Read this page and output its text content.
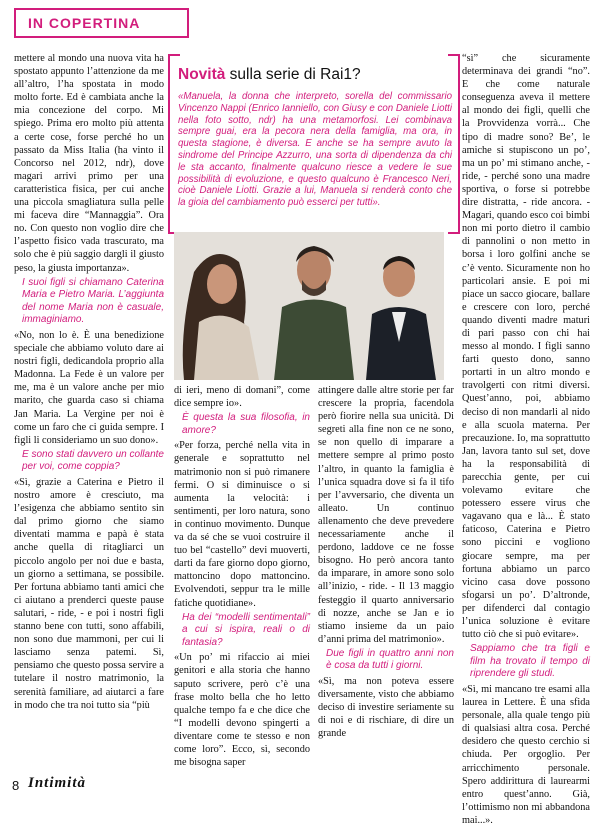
IN COPERTINA

mettere al mondo una nuova vita ha spostato appunto l’attenzione da me all’altro, l’ha spostata in modo molto forte. Ed è cambiata anche la mia concezione del corpo. Mi spiego. Prima ero molto più attenta a certe cose, forse perché ho un passato da Miss Italia (ha vinto il Concorso nel 2012, ndr), dove magari arrivi primo per una caratteristica fisica, per cui anche una piccola smagliatura sulla pelle mi faceva dire “Mannaggia”. Ora no. Con questo non voglio dire che l’aspetto fisico vada trascurato, ma solo che è più saggio dargli il giusto peso, la giusta importanza».

I suoi figli si chiamano Caterina Maria e Pietro Maria. L’aggiunta del nome Maria non è casuale, immaginiamo.

«No, non lo è. È una benedizione speciale che abbiamo voluto dare ai nostri figli, dedicandola proprio alla Madonna. La Fede è un valore per me, ma è un valore anche per mio marito, che guarda caso si chiama Jan Maria. La Vergine per noi è come un faro che ci guida sempre. I figli li consideriamo un suo dono».

E sono stati davvero un collante per voi, come coppia?

«Sì, grazie a Caterina e Pietro il nostro amore è cresciuto, ma l’esigenza che abbiamo sentito sin dal primo giorno che siamo diventati mamma e papà è stata anche quella di ritagliarci un piccolo angolo per noi due e basta, un giorno a settimana, se possibile. Per fortuna abbiamo tanti amici che ci aiutano a prenderci queste pause salutari, - ride, - e poi i nostri figli stanno bene con tutti, sono affabili, non sono due mammoni, per cui li lasciamo senza patemi. Sì, pensiamo che questo possa servire a tutelare il nostro matrimonio, la serenità familiare, ad aiutarci a fare in modo che tra noi tutto sia “più

Novità sulla serie di Rai1?
«Manuela, la donna che interpreto, sorella del commissario Vincenzo Nappi (Enrico Ianniello, con Giusy e con Daniele Liotti nella foto sotto, ndr) ha una metamorfosi. Lei combinava sempre guai, era la pecora nera della famiglia, ma ora, in questa stagione, è diversa. E anche se ha sempre avuto la sindrome del Principe Azzurro, una sorta di dipendenza da chi le sta accanto, finalmente qualcuno riesce a vedere le sue possibilità di evoluzione, e questo qualcuno è Francesco Neri, cioè Daniele Liotti. Grazie a lui, Manuela si renderà conto che la gioia del cambiamento può esserci per tutti».

di ieri, meno di domani”, come dice sempre io».

È questa la sua filosofia, in amore?

«Per forza, perché nella vita in generale e soprattutto nel matrimonio non si può rimanere fermi. O si diminuisce o si aumenta la velocità: i sentimenti, per loro natura, sono in continuo movimento. Dunque va da sé che se vuoi costruire il tuo bel “castello” devi muoverti, darti da fare giorno dopo giorno, mattoncino dopo mattoncino. Evolvendoti, seppur tra le mille fatiche quotidiane».

Ha dei “modelli sentimentali” a cui si ispira, reali o di fantasia?

«Un po’ mi rifaccio ai miei genitori e alla storia che hanno saputo scrivere, però c’è una frase molto bella che ho letto qualche tempo fa e che dice che “I modelli devono spingerti a diventare come te stesso e non come loro”. Ecco, sì, secondo me bisogna saper

attingere dalle altre storie per far crescere la propria, facendola però fiorire nella sua unicità. Di segreti alla fine non ce ne sono, se non quello di imparare a mettere sempre al primo posto l’altro, in quanto la famiglia è l’unica squadra dove si fa il tifo per l’avversario, che diventa un alleato. Un continuo allenamento che deve prevedere necessariamente anche il perdono, laddove ce ne fosse bisogno. Ho però ancora tanto da imparare, in amore sono solo all’inizio, - ride. - Il 13 maggio festeggio il quarto anniversario di nozze, anche se Jan e io stiamo insieme da un paio d’anni prima del matrimonio».

Due figli in quattro anni non è cosa da tutti i giorni.

«Sì, ma non poteva essere diversamente, visto che abbiamo deciso di investire seriamente su di noi e di rischiare, di dire un grande

“sì” che sicuramente determinava dei grandi “no”. E che come naturale conseguenza aveva il mettere al mondo dei figli, quelli che la Provvidenza vorrà... Che tipo di madre sono? Be’, le amiche si stupiscono un po’, ma un po’ mi stimano anche, - ride, - perché sono una madre sportiva, o forse si potrebbe dire distratta, - ride ancora. - Magari, quando esco coi bimbi non mi porto dietro il cambio di pannolini o non metto in borsa i loro golfini anche se c’è vento. Sicuramente non ho particolari ansie. E poi mi piace un sacco giocare, ballare e crescere con loro, perché quando diventi madre maturi di pari passo con chi hai messo al mondo. I figli sanno farti questo dono, sanno portarti in un altro mondo e travolgerti con ritmi diversi. Quest’anno, poi, abbiamo deciso di non mandarli al nido e alla scuola materna. Per precauzione. Io, ma soprattutto Jan, lavora tanto sul set, dove ha la responsabilità di parecchia gente, per cui volevamo evitare che potessero essere virus che vagavano qua e là... È stato faticoso, Caterina e Pietro sono piccini e vogliono giocare sempre, ma per fortuna abbiamo un parco vicino casa dove possono sfogarsi un po’. D’altronde, per difenderci dal contagio l’unica soluzione è evitare tutto ciò che si può evitare».

Sappiamo che tra figli e film ha trovato il tempo di riprendere gli studi.

«Sì, mi mancano tre esami alla laurea in Lettere. È una sfida personale, alla quale tengo più di qualsiasi altra cosa. Perché desidero che questo cerchio si chiuda. Per orgoglio. Per arricchimento personale. Spero addirittura di laurearmi entro quest’anno. Già, l’ottimismo non mi abbandona mai...».

8 Intimità
